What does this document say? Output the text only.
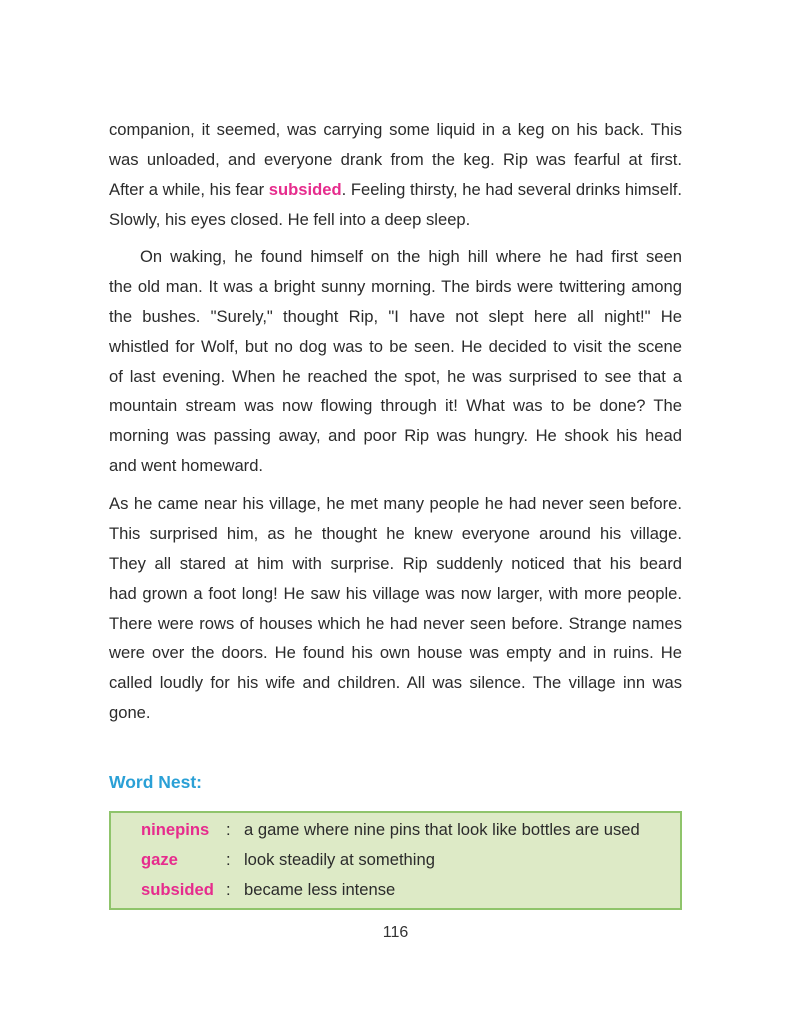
companion, it seemed, was carrying some liquid in a keg on his back. This
was unloaded, and everyone drank from the keg. Rip was fearful at first.
After a while, his fear subsided. Feeling thirsty, he had several drinks himself.
Slowly, his eyes closed. He fell into a deep sleep.
On waking, he found himself on the high hill where he had first seen
the old man. It was a bright sunny morning. The birds were twittering among
the bushes. "Surely," thought Rip, "I have not slept here all night!" He
whistled for Wolf, but no dog was to be seen. He decided to visit the scene
of last evening. When he reached the spot, he was surprised to see that a
mountain stream was now flowing through it! What was to be done? The
morning was passing away, and poor Rip was hungry. He shook his head
and went homeward.
As he came near his village, he met many people he had never seen before.
This surprised him, as he thought he knew everyone around his village.
They all stared at him with surprise. Rip suddenly noticed that his beard
had grown a foot long! He saw his village was now larger, with more people.
There were rows of houses which he had never seen before. Strange names
were over the doors. He found his own house was empty and in ruins. He
called loudly for his wife and children. All was silence. The village inn was
gone.
Word Nest:
ninepins : a game where nine pins that look like bottles are used
gaze	: look steadily at something
subsided : became less intense
116
